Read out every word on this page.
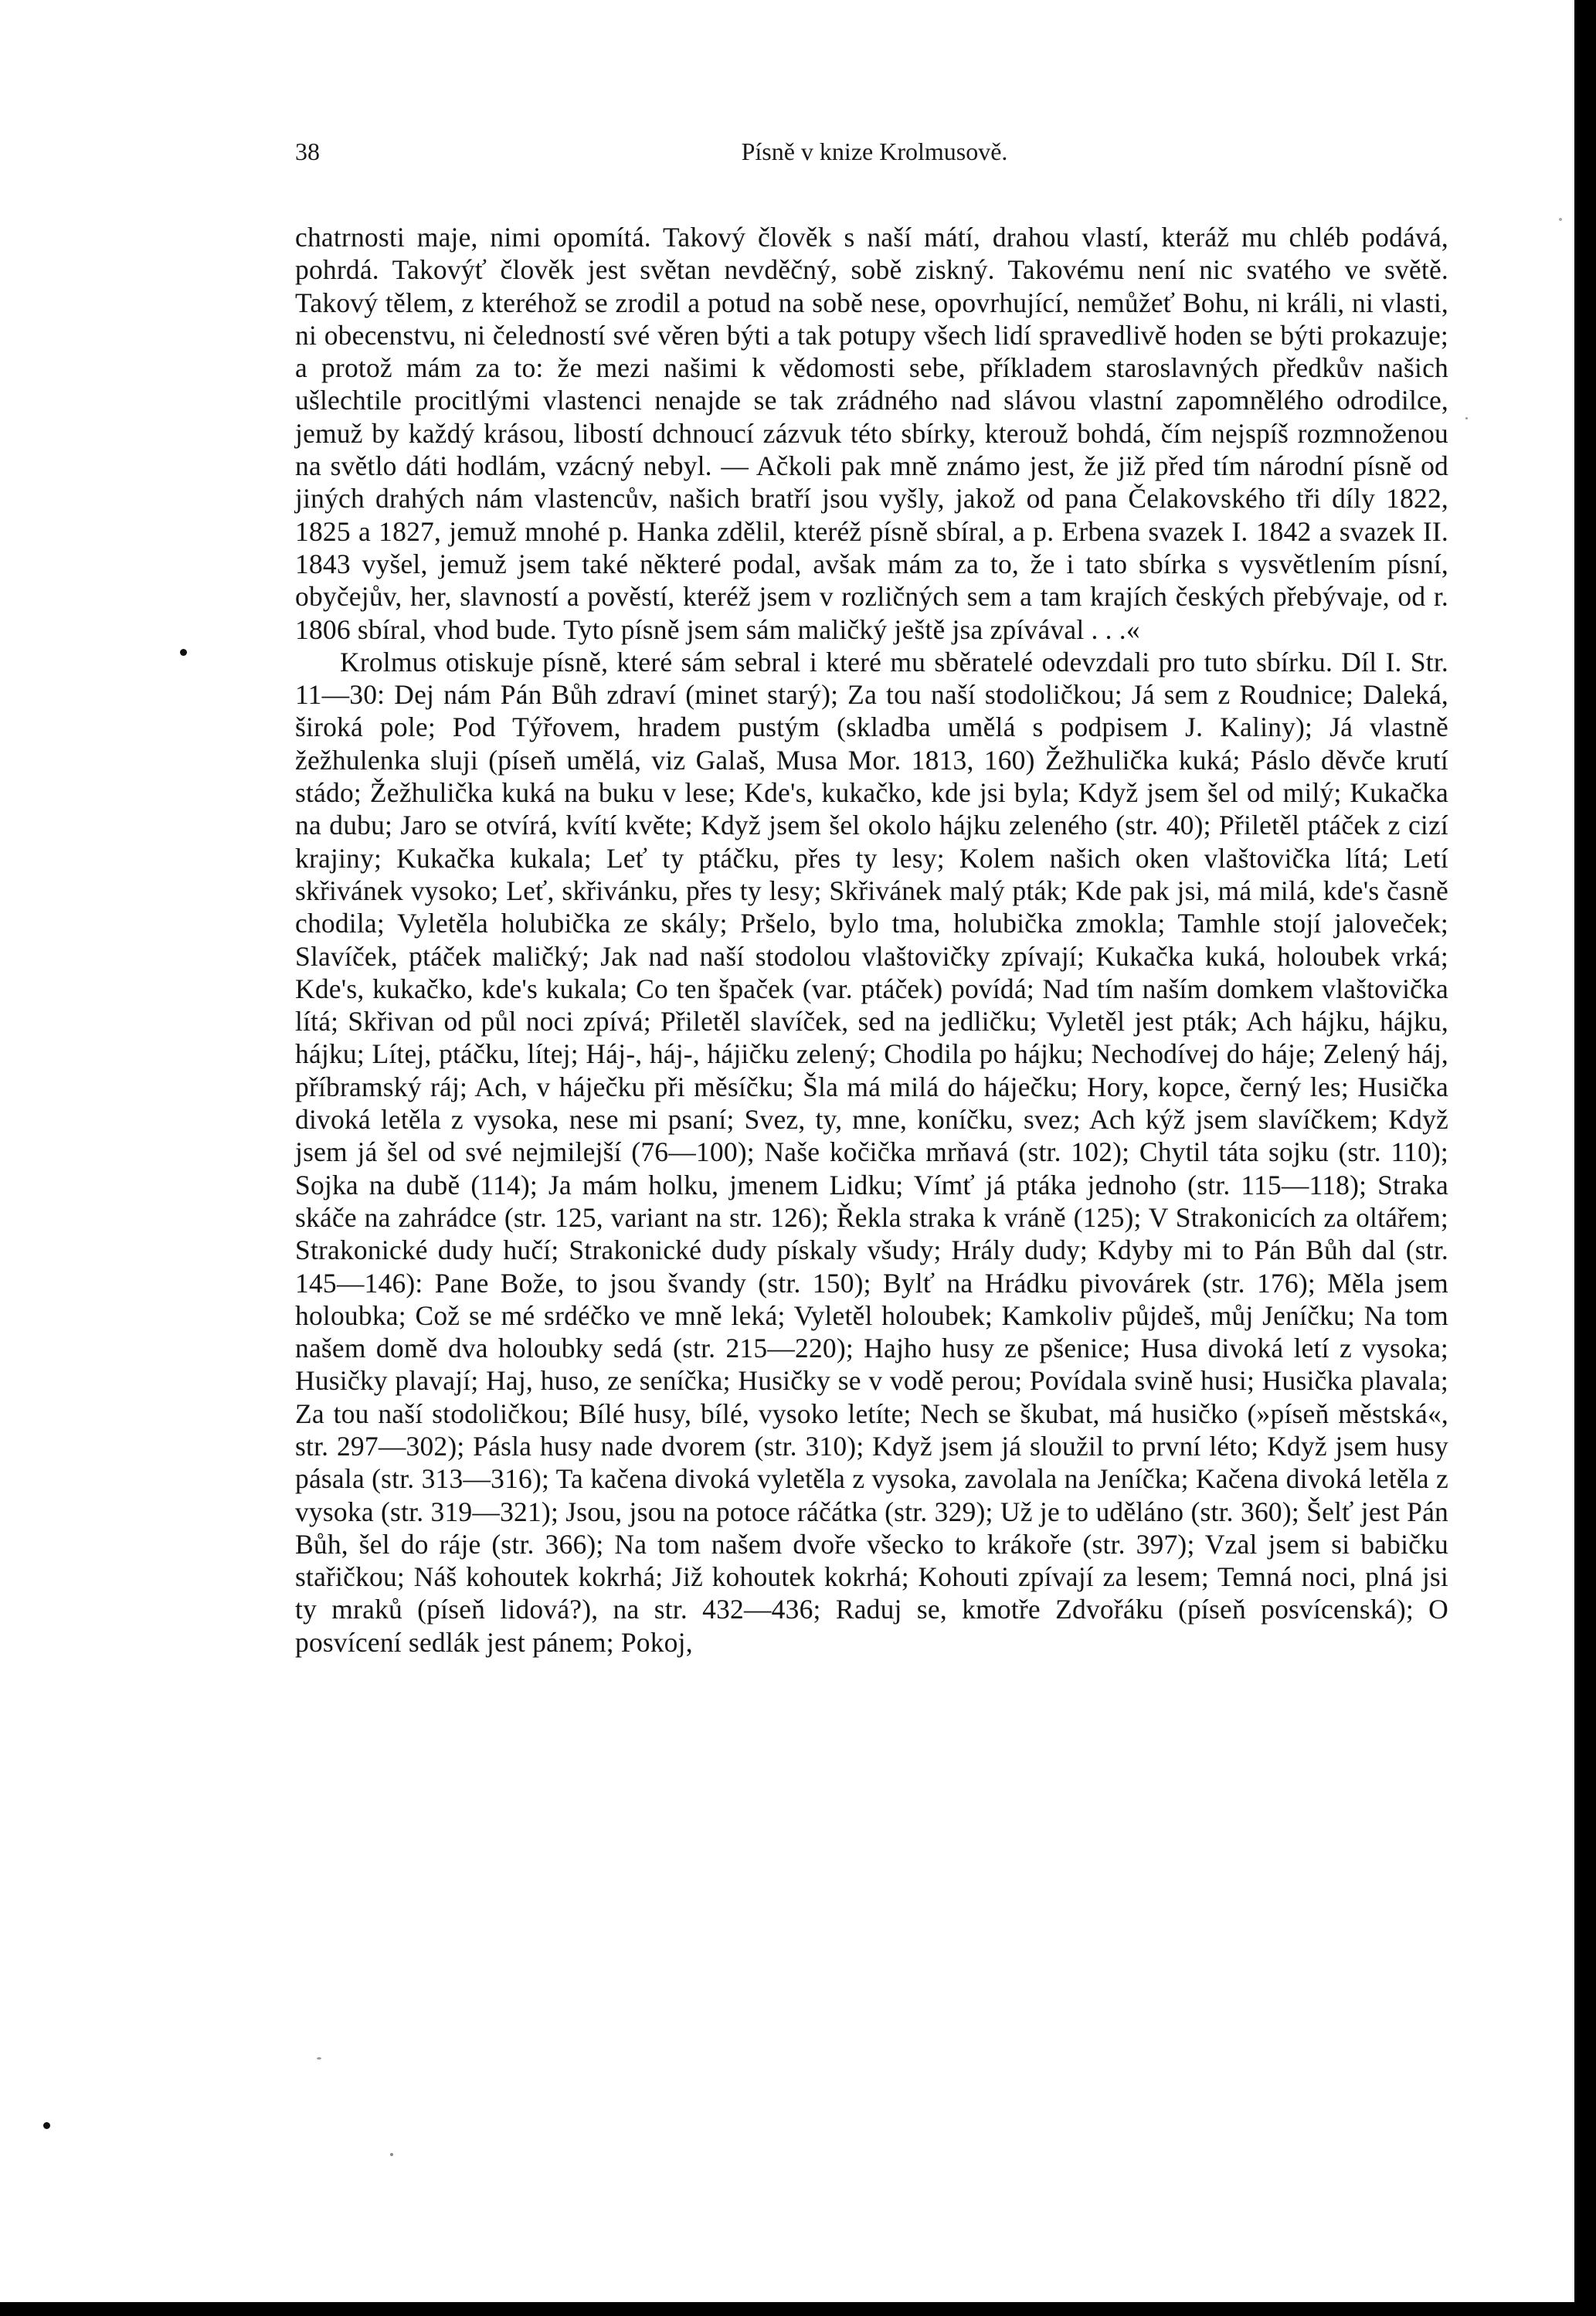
38	Písně v knize Krolmusově.

chatrnosti maje, nimi opomítá. Takový člověk s naší mátí, drahou vlastí, kteráž mu chléb podává, pohrdá. Takovýť člověk jest světan nevděčný, sobě ziskný. Takovému není nic svatého ve světě. Takový tělem, z kteréhož se zrodil a potud na sobě nese, opovrhující, nemůžeť Bohu, ni králi, ni vlasti, ni obecenstvu, ni čeledností své věren býti a tak potupy všech lidí spravedlivě hoden se býti prokazuje; a protož mám za to: že mezi našimi k vědomosti sebe, příkladem staroslavných předkův našich ušlechtile procitlými vlastenci nenajde se tak zrádného nad slávou vlastní zapomnělého odrodilce, jemuž by každý krásou, libostí dchnoucí zázvuk této sbírky, kterouž bohdá, čím nejspíš rozmnoženou na světlo dáti hodlám, vzácný nebyl. — Ačkoli pak mně známo jest, že již před tím národní písně od jiných drahých nám vlastencův, našich bratří jsou vyšly, jakož od pana Čelakovského tři díly 1822, 1825 a 1827, jemuž mnohé p. Hanka zdělil, kteréž písně sbíral, a p. Erbena svazek I. 1842 a svazek II. 1843 vyšel, jemuž jsem také některé podal, avšak mám za to, že i tato sbírka s vysvětlením písní, obyčejův, her, slavností a pověstí, kteréž jsem v rozličných sem a tam krajích českých přebývaje, od r. 1806 sbíral, vhod bude. Tyto písně jsem sám maličký ještě jsa zpívával . . .«

Krolmus otiskuje písně, které sám sebral i které mu sběratelé odevzdali pro tuto sbírku. Díl I. Str. 11—30: Dej nám Pán Bůh zdraví (minet starý); Za tou naší stodoličkou; Já sem z Roudnice; Daleká, široká pole; Pod Týřovem, hradem pustým (skladba umělá s podpisem J. Kaliny); Já vlastně žežhulenka sluji (píseň umělá, viz Galaš, Musa Mor. 1813, 160) Žežhulička kuká; Páslo děvče krutí stádo; Žežhulička kuká na buku v lese; Kde's, kukačko, kde jsi byla; Když jsem šel od milý; Kukačka na dubu; Jaro se otvírá, kvítí květe; Když jsem šel okolo hájku zeleného (str. 40); Přiletěl ptáček z cizí krajiny; Kukačka kukala; Leť ty ptáčku, přes ty lesy; Kolem našich oken vlaštovička lítá; Letí skřivánek vysoko; Leť, skřivánku, přes ty lesy; Skřivánek malý pták; Kde pak jsi, má milá, kde's časně chodila; Vyletěla holubička ze skály; Pršelo, bylo tma, holubička zmokla; Tamhle stojí jaloveček; Slavíček, ptáček maličký; Jak nad naší stodolou vlaštovičky zpívají; Kukačka kuká, holoubek vrká; Kde's, kukačko, kde's kukala; Co ten špaček (var. ptáček) povídá; Nad tím naším domkem vlaštovička lítá; Skřivan od půl noci zpívá; Přiletěl slavíček, sed na jedličku; Vyletěl jest pták; Ach hájku, hájku, hájku; Lítej, ptáčku, lítej; Háj-, háj-, hájičku zelený; Chodila po hájku; Nechodívej do háje; Zelený háj, příbramský ráj; Ach, v háječku při měsíčku; Šla má milá do háječku; Hory, kopce, černý les; Husička divoká letěla z vysoka, nese mi psaní; Svez, ty, mne, koníčku, svez; Ach kýž jsem slavíčkem; Když jsem já šel od své nejmilejší (76—100); Naše kočička mrňavá (str. 102); Chytil táta sojku (str. 110); Sojka na dubě (114); Ja mám holku, jmenem Lidku; Vímť já ptáka jednoho (str. 115—118); Straka skáče na zahrádce (str. 125, variant na str. 126); Řekla straka k vráně (125); V Strakonicích za oltářem; Strakonické dudy hučí; Strakonické dudy pískaly všudy; Hrály dudy; Kdyby mi to Pán Bůh dal (str. 145—146): Pane Bože, to jsou švandy (str. 150); Bylť na Hrádku pivovárek (str. 176); Měla jsem holoubka; Což se mé srdéčko ve mně leká; Vyletěl holoubek; Kamkoliv půjdeš, můj Jeníčku; Na tom našem domě dva holoubky sedá (str. 215—220); Hajho husy ze pšenice; Husa divoká letí z vysoka; Husičky plavají; Haj, huso, ze seníčka; Husičky se v vodě perou; Povídala svině husi; Husička plavala; Za tou naší stodoličkou; Bílé husy, bílé, vysoko letíte; Nech se škubat, má husičko (»píseň městská«, str. 297—302); Pásla husy nade dvorem (str. 310); Když jsem já sloužil to první léto; Když jsem husy pásala (str. 313—316); Ta kačena divoká vyletěla z vysoka, zavolala na Jeníčka; Kačena divoká letěla z vysoka (str. 319—321); Jsou, jsou na potoce ráčátka (str. 329); Už je to uděláno (str. 360); Šelť jest Pán Bůh, šel do ráje (str. 366); Na tom našem dvoře všecko to krákoře (str. 397); Vzal jsem si babičku stařičkou; Náš kohoutek kokrhá; Již kohoutek kokrhá; Kohouti zpívají za lesem; Temná noci, plná jsi ty mraků (píseň lidová?), na str. 432—436; Raduj se, kmotře Zdvořáku (píseň posvícenská); O posvícení sedlák jest pánem; Pokoj,
